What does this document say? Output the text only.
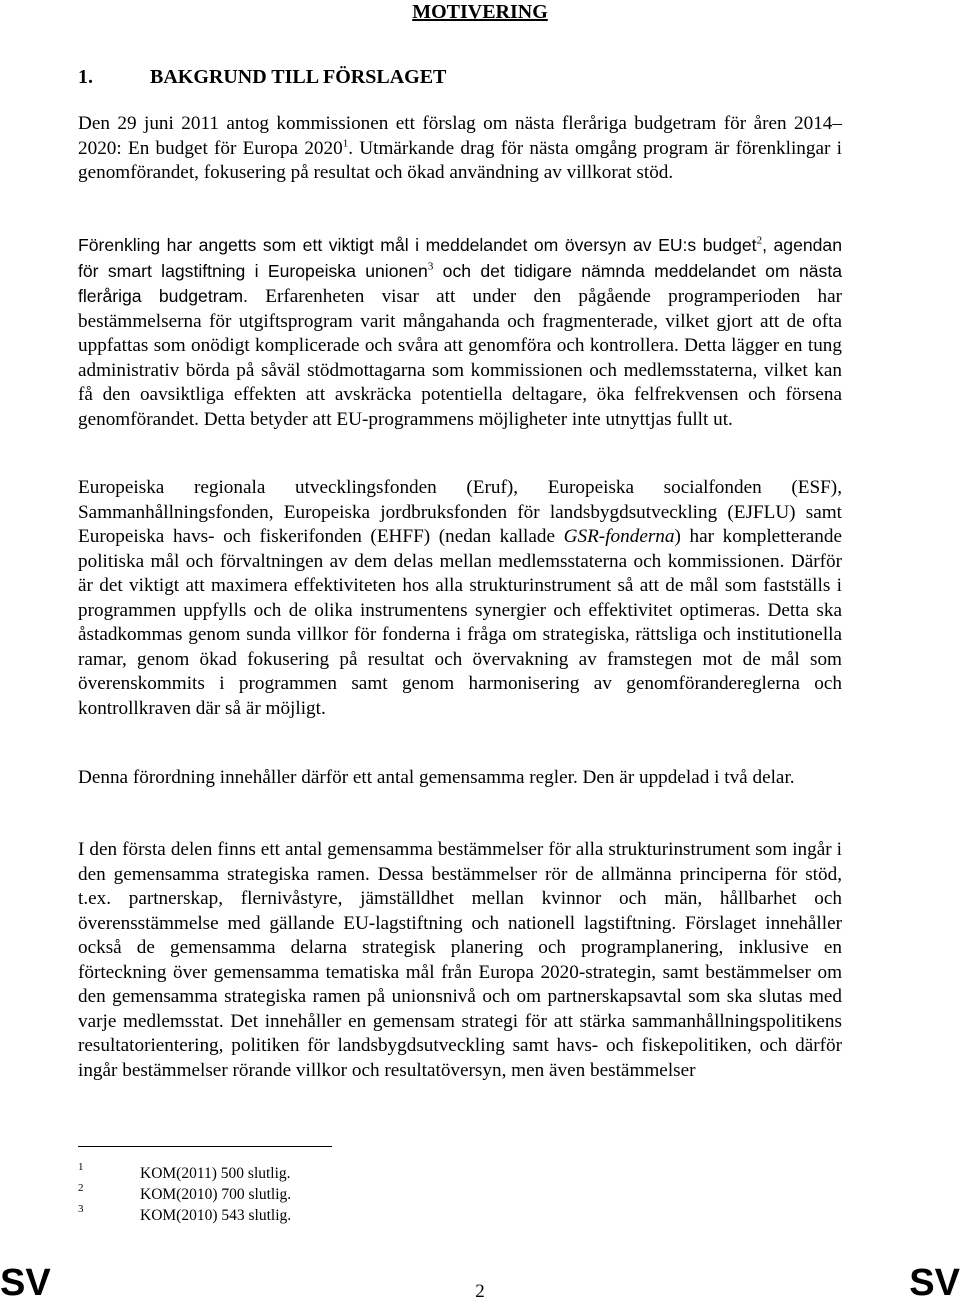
MOTIVERING
1.	BAKGRUND TILL FÖRSLAGET

Den 29 juni 2011 antog kommissionen ett förslag om nästa fleråriga budgetram för åren 2014–2020: En budget för Europa 2020$^1$. Utmärkande drag för nästa omgång program är förenklingar i genomförandet, fokusering på resultat och ökad användning av villkorat stöd.

Förenkling har angetts som ett viktigt mål i meddelandet om översyn av EU:s budget$^2$, agendan för smart lagstiftning i Europeiska unionen$^3$ och det tidigare nämnda meddelandet om nästa fleråriga budgetram. Erfarenheten visar att under den pågående programperioden har bestämmelserna för utgiftsprogram varit mångahanda och fragmenterade, vilket gjort att de ofta uppfattas som onödigt komplicerade och svåra att genomföra och kontrollera. Detta lägger en tung administrativ börda på såväl stödmottagarna som kommissionen och medlemsstaterna, vilket kan få den oavsiktliga effekten att avskräcka potentiella deltagare, öka felfrekvensen och försena genomförandet. Detta betyder att EU-programmens möjligheter inte utnyttjas fullt ut.

Europeiska regionala utvecklingsfonden (Eruf), Europeiska socialfonden (ESF), Sammanhållningsfonden, Europeiska jordbruksfonden för landsbygdsutveckling (EJFLU) samt Europeiska havs- och fiskerifonden (EHFF) (nedan kallade GSR-fonderna) har kompletterande politiska mål och förvaltningen av dem delas mellan medlemsstaterna och kommissionen. Därför är det viktigt att maximera effektiviteten hos alla strukturinstrument så att de mål som fastställs i programmen uppfylls och de olika instrumentens synergier och effektivitet optimeras. Detta ska åstadkommas genom sunda villkor för fonderna i fråga om strategiska, rättsliga och institutionella ramar, genom ökad fokusering på resultat och övervakning av framstegen mot de mål som överenskommits i programmen samt genom harmonisering av genomförandereglerna och kontrollkraven där så är möjligt.

Denna förordning innehåller därför ett antal gemensamma regler. Den är uppdelad i två delar.

I den första delen finns ett antal gemensamma bestämmelser för alla strukturinstrument som ingår i den gemensamma strategiska ramen. Dessa bestämmelser rör de allmänna principerna för stöd, t.ex. partnerskap, flernivåstyre, jämställdhet mellan kvinnor och män, hållbarhet och överensstämmelse med gällande EU-lagstiftning och nationell lagstiftning. Förslaget innehåller också de gemensamma delarna strategisk planering och programplanering, inklusive en förteckning över gemensamma tematiska mål från Europa 2020-strategin, samt bestämmelser om den gemensamma strategiska ramen på unionsnivå och om partnerskapsavtal som ska slutas med varje medlemsstat. Det innehåller en gemensam strategi för att stärka sammanhållningspolitikens resultatorientering, politiken för landsbygdsutveckling samt havs- och fiskepolitiken, och därför ingår bestämmelser rörande villkor och resultatöversyn, men även bestämmelser

1	KOM(2011) 500 slutlig.
2	KOM(2010) 700 slutlig.
3	KOM(2010) 543 slutlig.
SV	2	SV
